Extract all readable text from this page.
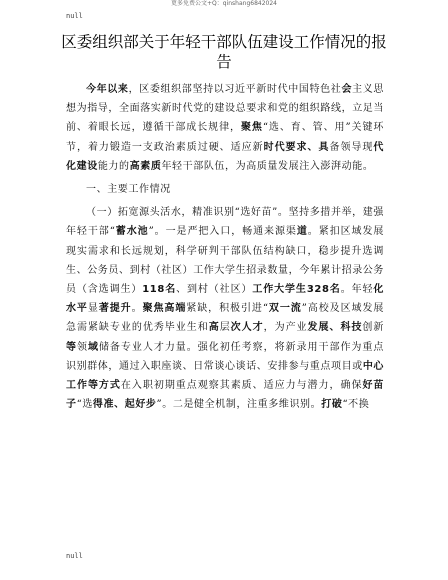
更多免费公文+Q：qinshang6842024
null
区委组织部关于年轻干部队伍建设工作情况的报告

今年以来，区委组织部坚持以习近平新时代中国特色社会主义思想为指导，全面落实新时代党的建设总要求和党的组织路线，立足当前、着眼长远，遵循干部成长规律，聚焦“选、育、管、用”关键环节，着力锻造一支政治素质过硬、适应新时代要求、具备领导现代化建设能力的高素质年轻干部队伍，为高质量发展注入澎湃动能。

一、主要工作情况

（一）拓宽源头活水，精准识别“选好苗”。坚持多措并举，建强年轻干部“蓄水池”。一是严把入口，畅通来源渠道。紧扣区域发展现实需求和长远规划，科学研判干部队伍结构缺口，稳步提升选调生、公务员、到村（社区）工作大学生招录数量，今年累计招录公务员（含选调生）118名、到村（社区）工作大学生328名。年轻化水平显著提升。聚焦高端紧缺，积极引进“双一流”高校及区域发展急需紧缺专业的优秀毕业生和高层次人才，为产业发展、科技创新等领域储备专业人才力量。强化初任考察，将新录用干部作为重点识别群体，通过入职座谈、日常谈心谈话、安排参与重点项目或中心工作等方式在入职初期重点观察其素质、适应力与潜力，确保好苗子“选得准、起好步”。二是健全机制，注重多维识别。打破“不换

null
